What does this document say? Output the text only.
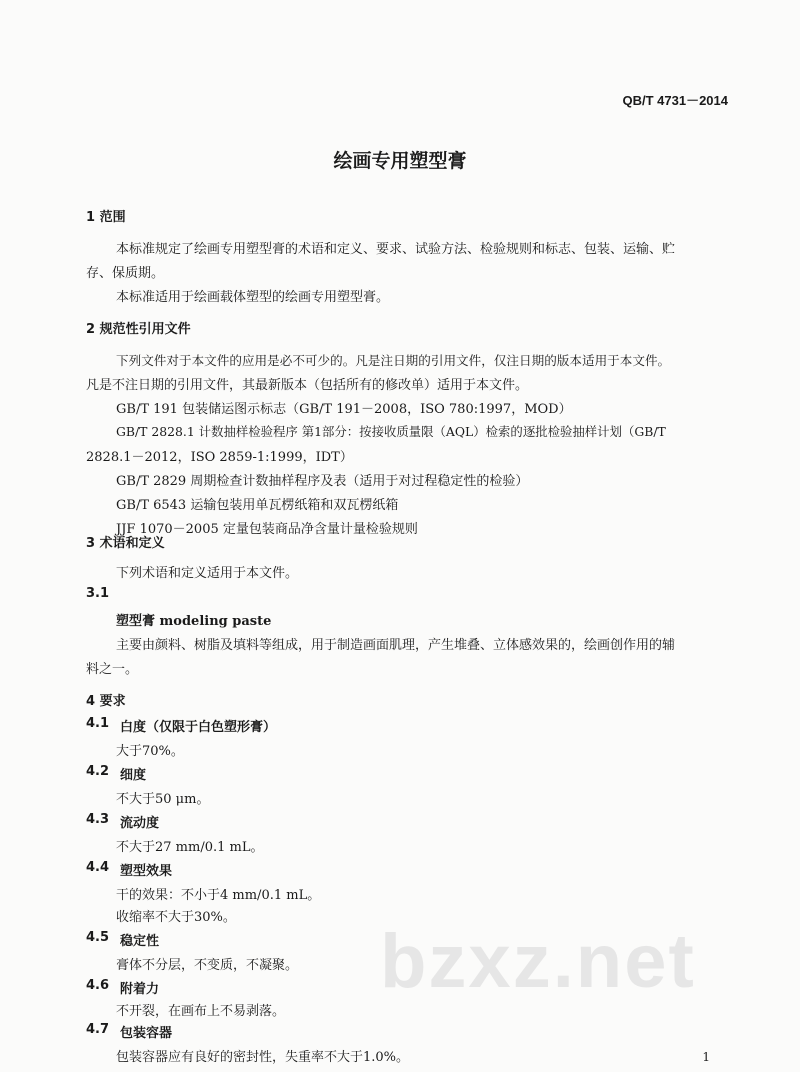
QB/T 4731－2014
绘画专用塑型膏
1 范围
本标准规定了绘画专用塑型膏的术语和定义、要求、试验方法、检验规则和标志、包装、运输、贮
存、保质期。
本标准适用于绘画载体塑型的绘画专用塑型膏。
2 规范性引用文件
下列文件对于本文件的应用是必不可少的。凡是注日期的引用文件，仅注日期的版本适用于本文件。
凡是不注日期的引用文件，其最新版本（包括所有的修改单）适用于本文件。
GB/T 191 包装储运图示标志（GB/T 191－2008，ISO 780:1997，MOD）
GB/T 2828.1 计数抽样检验程序 第1部分：按接收质量限（AQL）检索的逐批检验抽样计划（GB/T
2828.1－2012，ISO 2859-1:1999，IDT）
GB/T 2829 周期检查计数抽样程序及表（适用于对过程稳定性的检验）
GB/T 6543 运输包装用单瓦楞纸箱和双瓦楞纸箱
JJF 1070－2005 定量包装商品净含量计量检验规则
3 术语和定义
下列术语和定义适用于本文件。
3.1
塑型膏 modeling paste
主要由颜料、树脂及填料等组成，用于制造画面肌理，产生堆叠、立体感效果的，绘画创作用的辅
料之一。
4 要求
4.1 白度（仅限于白色塑形膏）
大于70%。
4.2 细度
不大于50 μm。
4.3 流动度
不大于27 mm/0.1 mL。
4.4 塑型效果
干的效果：不小于4 mm/0.1 mL。
收缩率不大于30%。
bzxz.net
4.5 稳定性
膏体不分层，不变质，不凝聚。
4.6 附着力
不开裂，在画布上不易剥落。
4.7 包装容器
包装容器应有良好的密封性，失重率不大于1.0%。	1
